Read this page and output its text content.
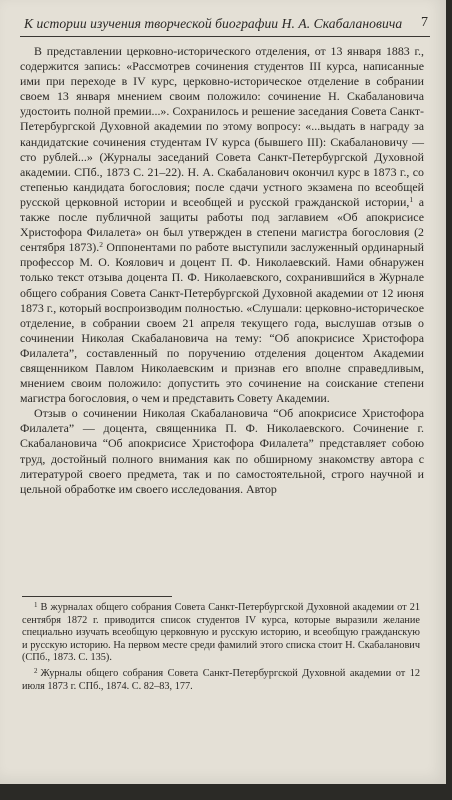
К истории изучения творческой биографии Н. А. Скабалановича 7

В представлении церковно-исторического отделения, от 13 января 1883 г., содержится запись: «Рассмотрев сочинения студентов III курса, написанные ими при переходе в IV курс, церковно-историческое отделение в собрании своем 13 января мнением своим положило: сочинение Н. Скабалановича удостоить полной премии...». Сохранилось и решение заседания Совета Санкт-Петербургской Духовной академии по этому вопросу: «...выдать в награду за кандидатские сочинения студентам IV курса (бывшего III): Скабалановичу — сто рублей...» (Журналы заседаний Совета Санкт-Петербургской Духовной академии. СПб., 1873 С. 21–22). Н. А. Скабаланович окончил курс в 1873 г., со степенью кандидата богословия; после сдачи устного экзамена по всеобщей русской церковной истории и всеобщей и русской гражданской истории,$^1$ а также после публичной защиты работы под заглавием «Об апокрисисе Христофора Филалета» он был утвержден в степени магистра богословия (2 сентября 1873).$^2$ Оппонентами по работе выступили заслуженный ординарный профессор М. О. Коялович и доцент П. Ф. Николаевский. Нами обнаружен только текст отзыва доцента П. Ф. Николаевского, сохранившийся в Журнале общего собрания Совета Санкт-Петербургской Духовной академии от 12 июня 1873 г., который воспроизводим полностью. «Слушали: церковно-историческое отделение, в собрании своем 21 апреля текущего года, выслушав отзыв о сочинении Николая Скабалановича на тему: “Об апокрисисе Христофора Филалета”, составленный по поручению отделения доцентом Академии священником Павлом Николаевским и признав его вполне справедливым, мнением своим положило: допустить это сочинение на соискание степени магистра богословия, о чем и представить Совету Академии.

Отзыв о сочинении Николая Скабалановича “Об апокрисисе Христофора Филалета” — доцента, священника П. Ф. Николаевского. Сочинение г. Скабалановича “Об апокрисисе Христофора Филалета” представляет собою труд, достойный полного внимания как по обширному знакомству автора с литературой своего предмета, так и по самостоятельной, строго научной и цельной обработке им своего исследования. Автор

$^1$ В журналах общего собрания Совета Санкт-Петербургской Духовной академии от 21 сентября 1872 г. приводится список студентов IV курса, которые выразили желание специально изучать всеобщую церковную и русскую историю, и всеобщую гражданскую и русскую историю. На первом месте среди фамилий этого списка стоит Н. Скабаланович (СПб., 1873. С. 135).

$^2$ Журналы общего собрания Совета Санкт-Петербургской Духовной академии от 12 июля 1873 г. СПб., 1874. С. 82–83, 177.
